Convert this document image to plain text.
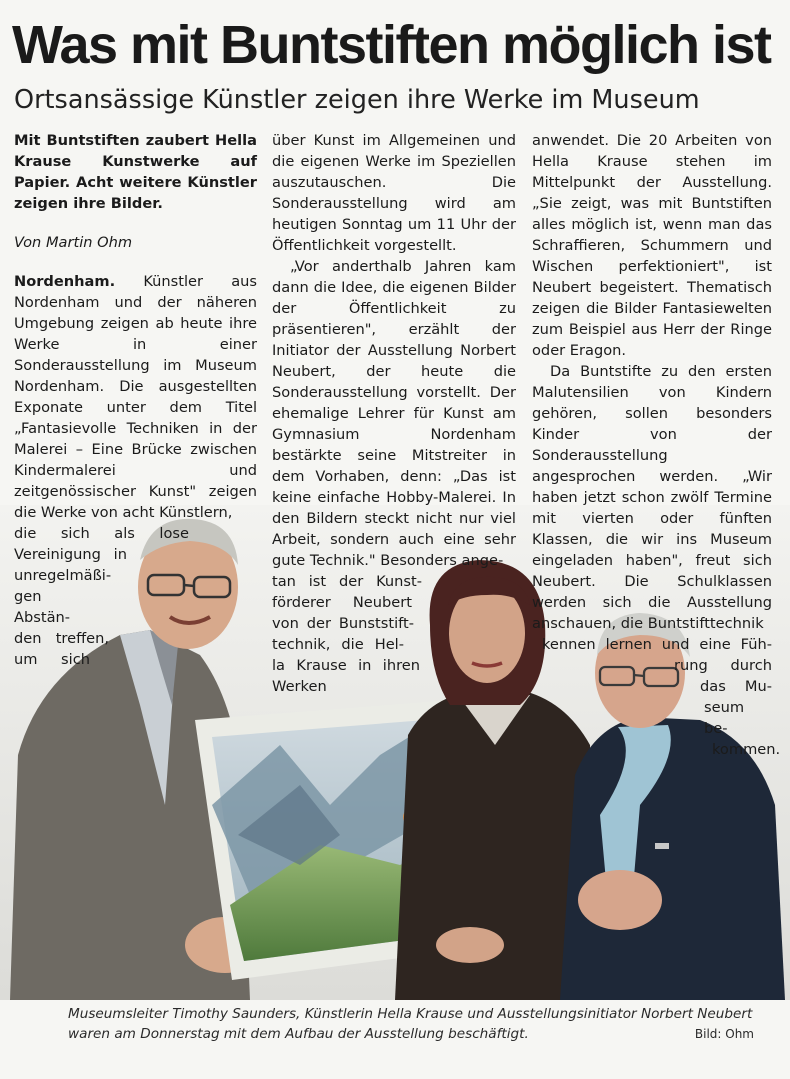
Was mit Buntstiften möglich ist
Ortsansässige Künstler zeigen ihre Werke im Museum

Mit Buntstiften zaubert Hella Krause Kunstwerke auf Papier. Acht weitere Künstler zeigen ihre Bilder.

Von Martin Ohm

Nordenham. Künstler aus Nordenham und der näheren Umgebung zeigen ab heute ihre Werke in einer Sonderausstellung im Museum Nordenham. Die ausgestellten Exponate unter dem Titel „Fantasievolle Techniken in der Malerei – Eine Brücke zwischen Kindermalerei und zeitgenössischer Kunst" zeigen die Werke von acht Künstlern,

die sich als lose
Vereinigung in
unregelmäßi-
gen Abstän-
den treffen,
um sich

über Kunst im Allgemeinen und die eigenen Werke im Speziellen auszutauschen. Die Sonderausstellung wird am heutigen Sonntag um 11 Uhr der Öffentlichkeit vorgestellt.

„Vor anderthalb Jahren kam dann die Idee, die eigenen Bilder der Öffentlichkeit zu präsentieren", erzählt der Initiator der Ausstellung Norbert Neubert, der heute die Sonderausstellung vorstellt. Der ehemalige Lehrer für Kunst am Gymnasium Nordenham bestärkte seine Mitstreiter in dem Vorhaben, denn: „Das ist keine einfache Hobby-Malerei. In den Bildern steckt nicht nur viel Arbeit, sondern auch eine sehr gute Technik." Besonders ange-

tan ist der Kunst-
förderer Neubert
von der Bunststift-
technik, die Hel-
la Krause in ihren
Werken

anwendet. Die 20 Arbeiten von Hella Krause stehen im Mittelpunkt der Ausstellung. „Sie zeigt, was mit Buntstiften alles möglich ist, wenn man das Schraffieren, Schummern und Wischen perfektioniert", ist Neubert begeistert. Thematisch zeigen die Bilder Fantasiewelten zum Beispiel aus Herr der Ringe oder Eragon.

Da Buntstifte zu den ersten Malutensilien von Kindern gehören, sollen besonders Kinder von der Sonderausstellung angesprochen werden. „Wir haben jetzt schon zwölf Termine mit vierten oder fünften Klassen, die wir ins Museum eingeladen haben", freut sich Neubert. Die Schulklassen werden sich die Ausstellung anschauen, die Buntstifttechnik

kennen lernen und eine Füh-
rung durch
das Mu-
seum be-
kommen.

Museumsleiter Timothy Saunders, Künstlerin Hella Krause und Ausstellungsinitiator Norbert Neubert waren am Donnerstag mit dem Aufbau der Ausstellung beschäftigt.	Bild: Ohm
